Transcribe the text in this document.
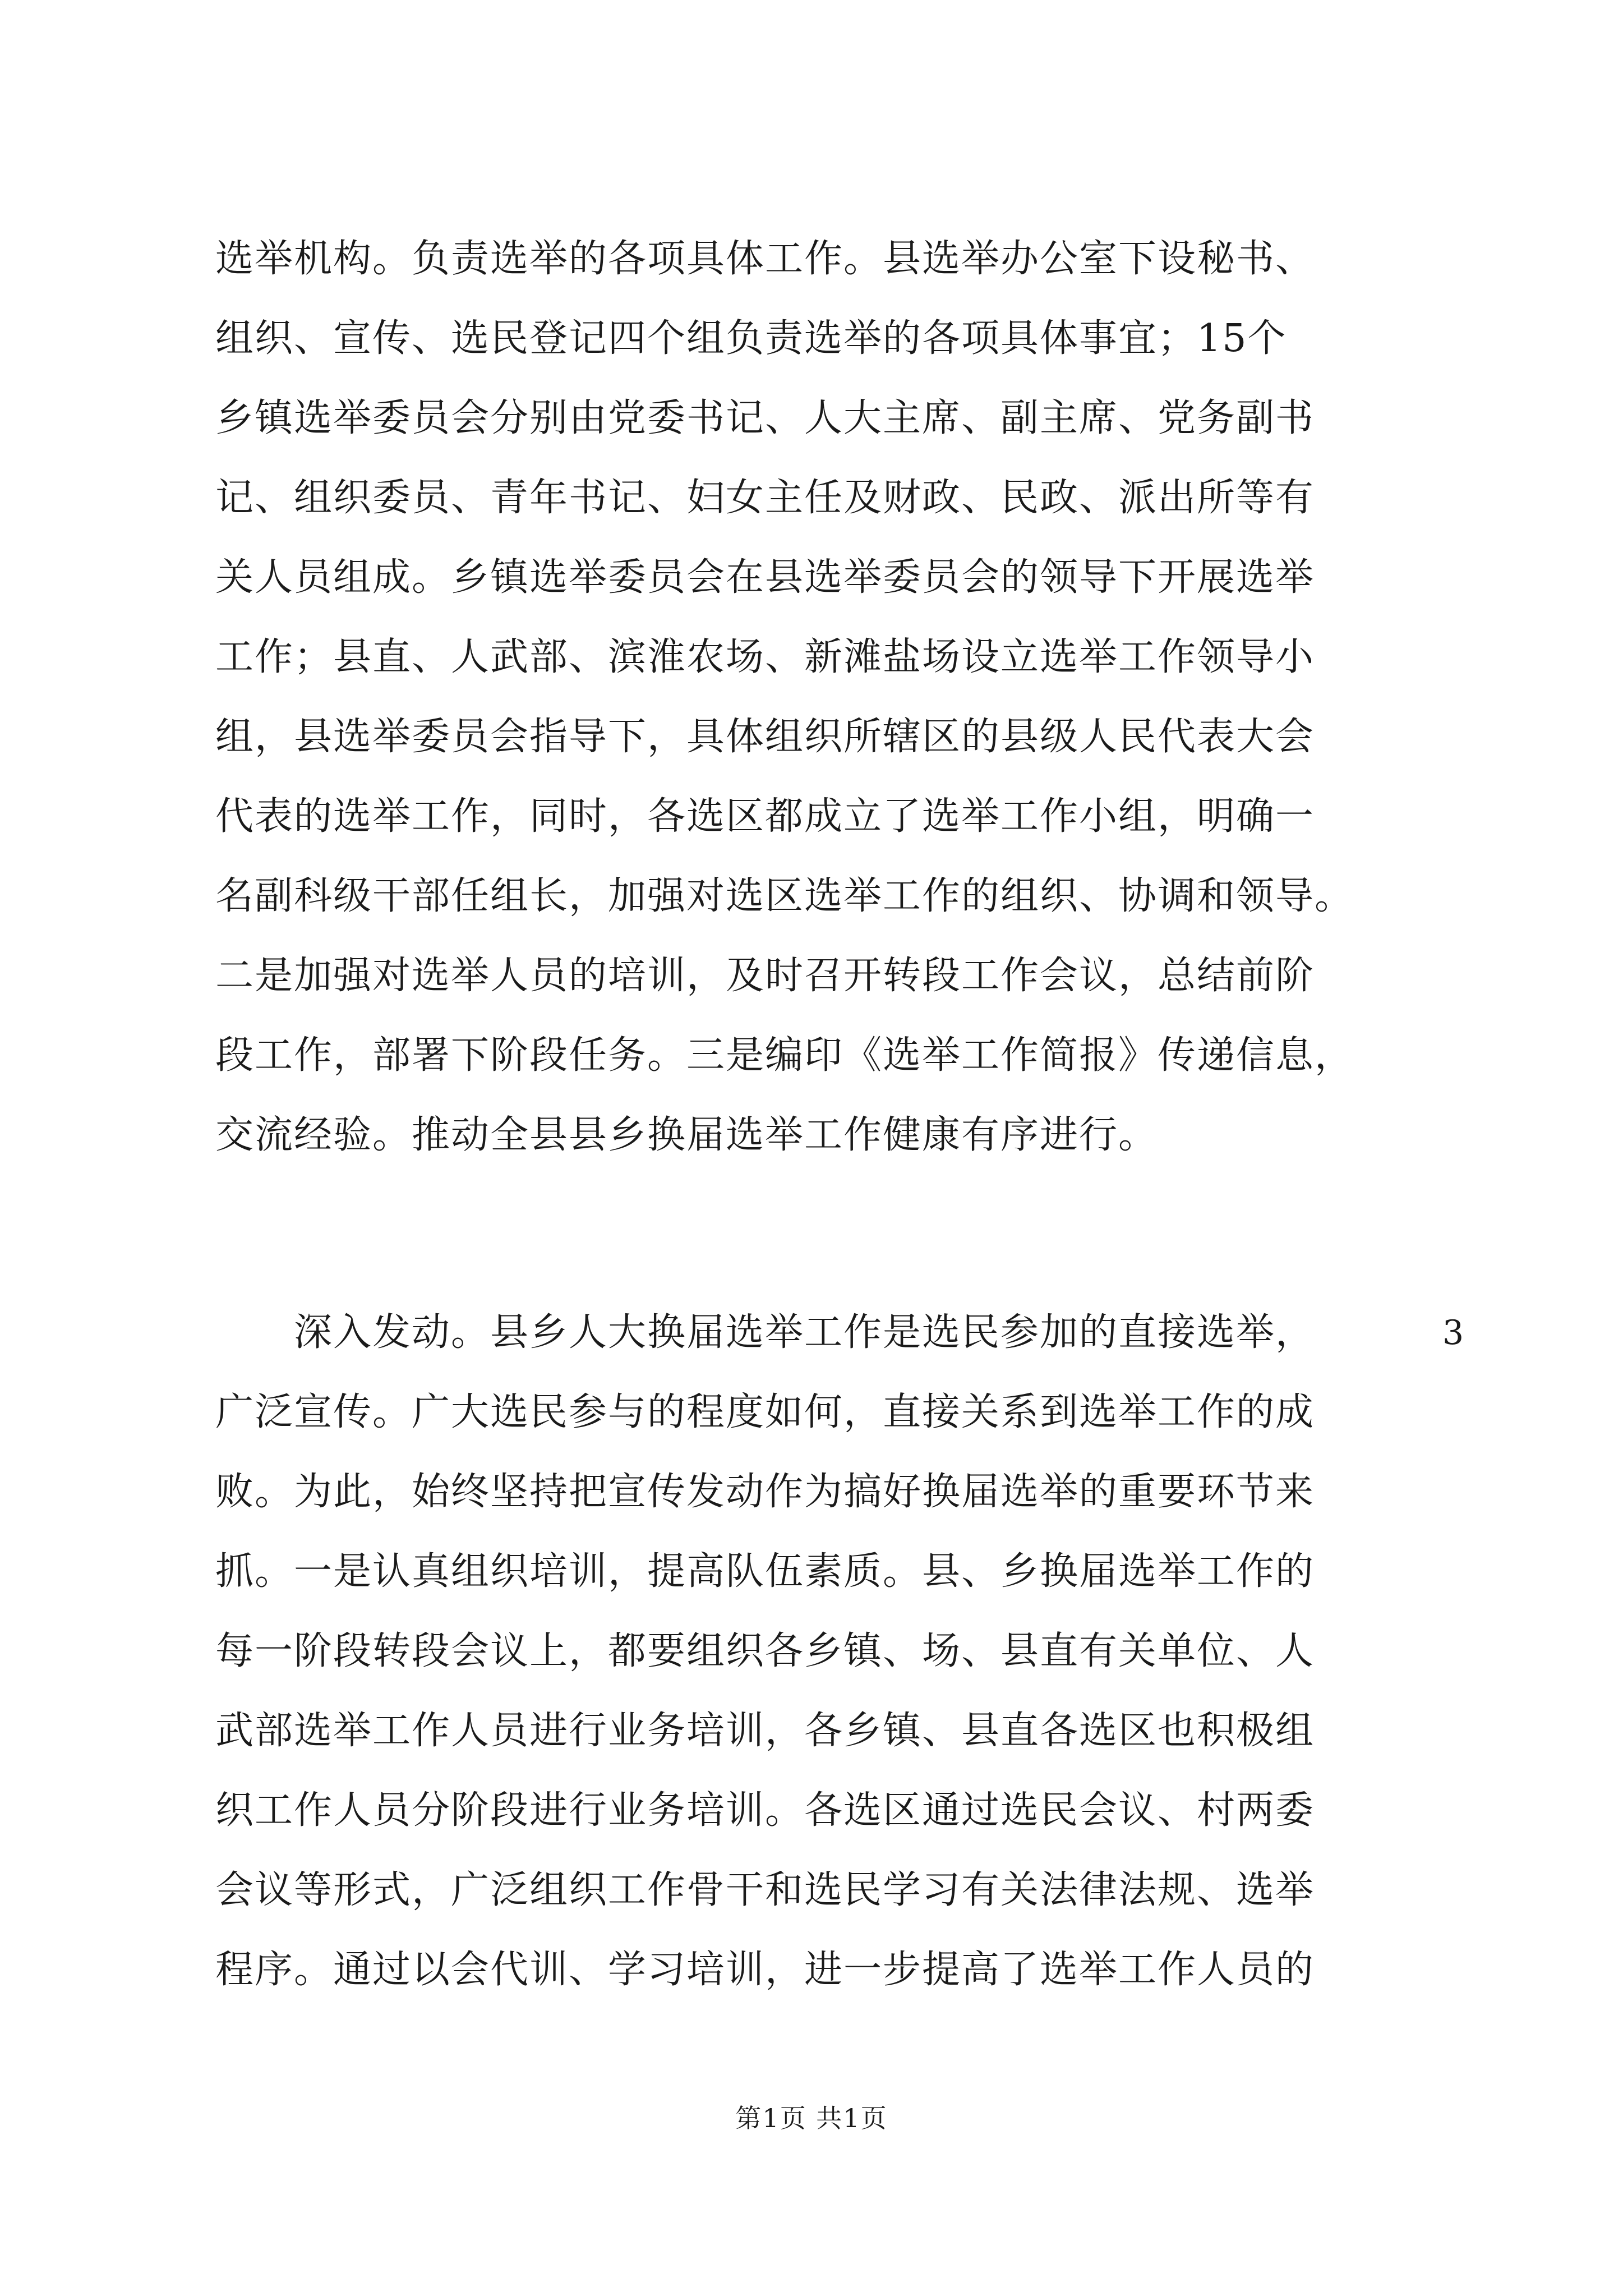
选举机构。负责选举的各项具体工作。县选举办公室下设秘书、
组织、宣传、选民登记四个组负责选举的各项具体事宜；15个
乡镇选举委员会分别由党委书记、人大主席、副主席、党务副书
记、组织委员、青年书记、妇女主任及财政、民政、派出所等有
关人员组成。乡镇选举委员会在县选举委员会的领导下开展选举
工作；县直、人武部、滨淮农场、新滩盐场设立选举工作领导小
组，县选举委员会指导下，具体组织所辖区的县级人民代表大会
代表的选举工作，同时，各选区都成立了选举工作小组，明确一
名副科级干部任组长，加强对选区选举工作的组织、协调和领导。
二是加强对选举人员的培训，及时召开转段工作会议，总结前阶
段工作，部署下阶段任务。三是编印《选举工作简报》传递信息，
交流经验。推动全县县乡换届选举工作健康有序进行。
　　深入发动。县乡人大换届选举工作是选民参加的直接选举，
广泛宣传。广大选民参与的程度如何，直接关系到选举工作的成
败。为此，始终坚持把宣传发动作为搞好换届选举的重要环节来
抓。一是认真组织培训，提高队伍素质。县、乡换届选举工作的
每一阶段转段会议上，都要组织各乡镇、场、县直有关单位、人
武部选举工作人员进行业务培训，各乡镇、县直各选区也积极组
织工作人员分阶段进行业务培训。各选区通过选民会议、村两委
会议等形式，广泛组织工作骨干和选民学习有关法律法规、选举
程序。通过以会代训、学习培训，进一步提高了选举工作人员的
3
第1页 共1页
